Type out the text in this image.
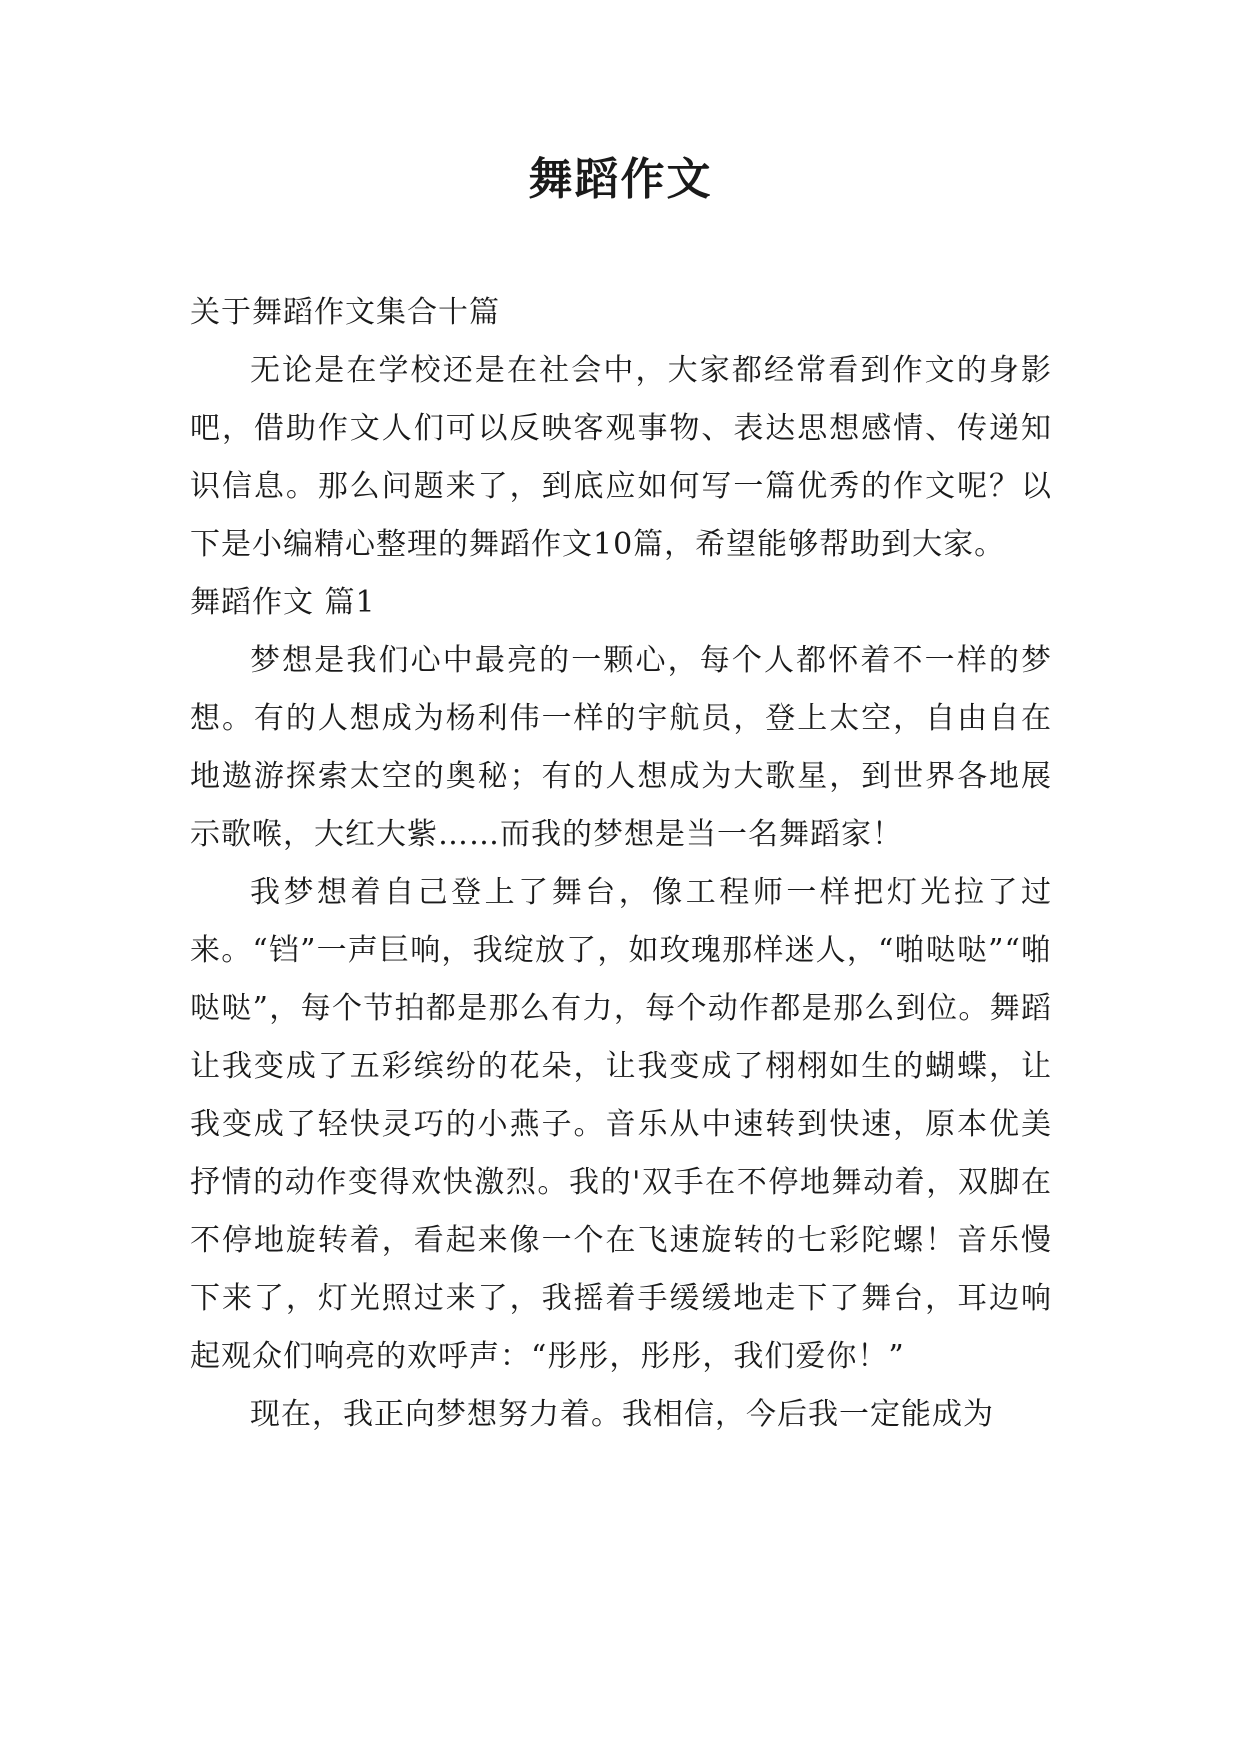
舞蹈作文

关于舞蹈作文集合十篇

无论是在学校还是在社会中，大家都经常看到作文的身影吧，借助作文人们可以反映客观事物、表达思想感情、传递知识信息。那么问题来了，到底应如何写一篇优秀的作文呢？以下是小编精心整理的舞蹈作文10篇，希望能够帮助到大家。

舞蹈作文 篇1

梦想是我们心中最亮的一颗心，每个人都怀着不一样的梦想。有的人想成为杨利伟一样的宇航员，登上太空，自由自在地遨游探索太空的奥秘；有的人想成为大歌星，到世界各地展示歌喉，大红大紫……而我的梦想是当一名舞蹈家！

我梦想着自己登上了舞台，像工程师一样把灯光拉了过来。“铛”一声巨响，我绽放了，如玫瑰那样迷人，“啪哒哒”“啪哒哒”，每个节拍都是那么有力，每个动作都是那么到位。舞蹈让我变成了五彩缤纷的花朵，让我变成了栩栩如生的蝴蝶，让我变成了轻快灵巧的小燕子。音乐从中速转到快速，原本优美抒情的动作变得欢快激烈。我的'双手在不停地舞动着，双脚在不停地旋转着，看起来像一个在飞速旋转的七彩陀螺！音乐慢下来了，灯光照过来了，我摇着手缓缓地走下了舞台，耳边响起观众们响亮的欢呼声：“彤彤，彤彤，我们爱你！”

现在，我正向梦想努力着。我相信，今后我一定能成为
